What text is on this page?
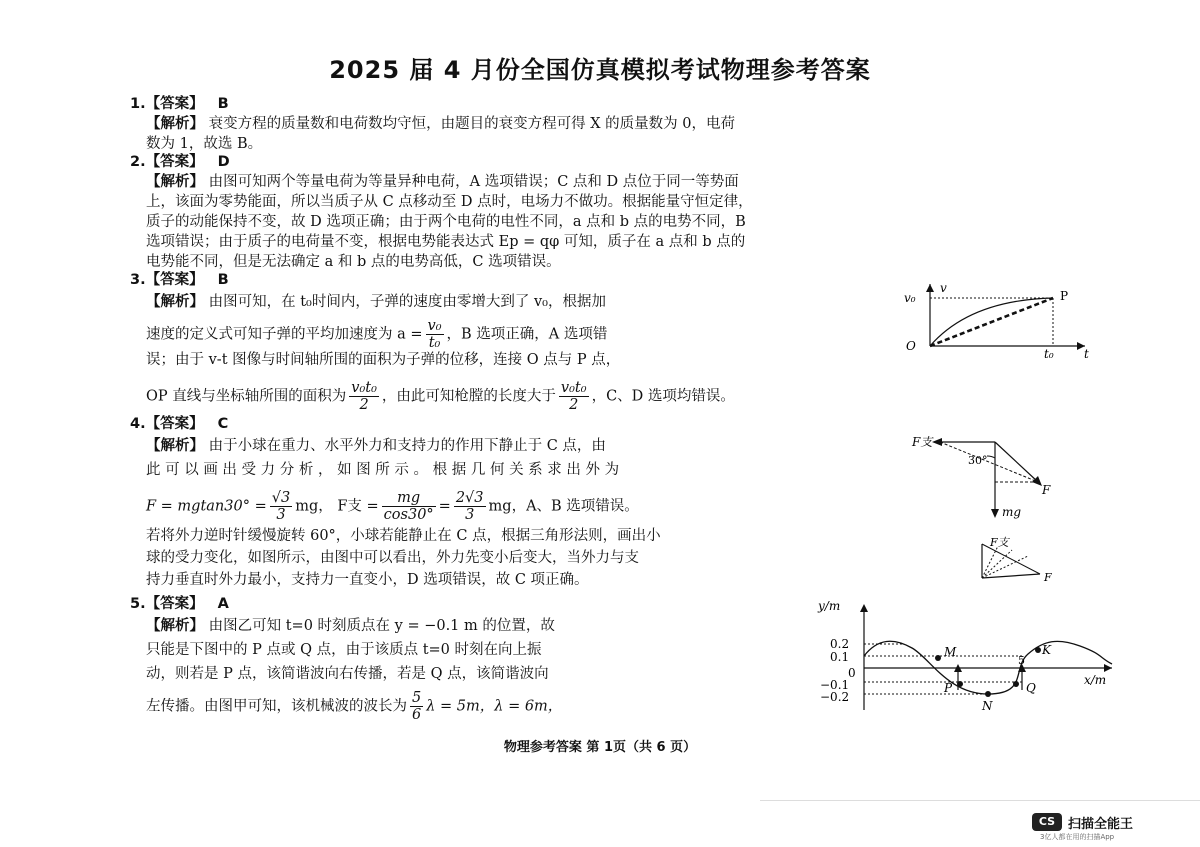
2025 届 4 月份全国仿真模拟考试物理参考答案
1.【答案】 B
【解析】 衰变方程的质量数和电荷数均守恒，由题目的衰变方程可得 X 的质量数为 0，电荷
数为 1，故选 B。
2.【答案】 D
【解析】 由图可知两个等量电荷为等量异种电荷，A 选项错误；C 点和 D 点位于同一等势面
上，该面为零势能面，所以当质子从 C 点移动至 D 点时，电场力不做功。根据能量守恒定律，
质子的动能保持不变，故 D 选项正确；由于两个电荷的电性不同，a 点和 b 点的电势不同，B
选项错误；由于质子的电荷量不变，根据电势能表达式 Ep = qφ 可知，质子在 a 点和 b 点的
电势能不同，但是无法确定 a 和 b 点的电势高低，C 选项错误。
3.【答案】 B
【解析】 由图可知，在 t₀时间内，子弹的速度由零增大到了 v₀，根据加
速度的定义式可知子弹的平均加速度为 $a = \frac{\text{v₀}}{\text{t₀}}$ ，B 选项正确，A 选项错
误；由于 v-t 图像与时间轴所围的面积为子弹的位移，连接 O 点与 P 点，
OP 直线与坐标轴所围的面积为 $\frac{\text{v₀t₀}}{2}$ ，由此可知枪膛的长度大于 $\frac{\text{v₀t₀}}{2}$ ，C、D 选项均错误。
v
t
v₀
t₀
O
P
4.【答案】 C
【解析】 由于小球在重力、水平外力和支持力的作用下静止于 C 点，由
此 可 以 画 出 受 力 分 析 ， 如 图 所 示 。 根 据 几 何 关 系 求 出 外 为
$F = mgtan30^\circ = \frac{√3}{3}$ mg， F支 = $\frac{mg}{\cos 30^\circ} = \frac{2√3}{3}$ mg，A、B 选项错误。
若将外力逆时针缓慢旋转 60°，小球若能静止在 C 点，根据三角形法则，画出小
球的受力变化，如图所示，由图中可以看出，外力先变小后变大，当外力与支
持力垂直时外力最小，支持力一直变小，D 选项错误，故 C 项正确。
F支
30°
F
mg
F支
F
5.【答案】 A
【解析】 由图乙可知 t=0 时刻质点在 y = −0.1 m 的位置，故
只能是下图中的 P 点或 Q 点，由于该质点 t=0 时刻在向上振
动，则若是 P 点，该简谐波向右传播，若是 Q 点，该简谐波向
左传播。由图甲可知，该机械波的波长为 $\frac{5}{6}$ λ = 5m，λ = 6m，
y/m
x/m
0.2
0.1
0
−0.1
−0.2
M
P
N
Q
K
5
物理参考答案 第 1页（共 6 页）
CS 扫描全能王
3亿人都在用的扫描App
